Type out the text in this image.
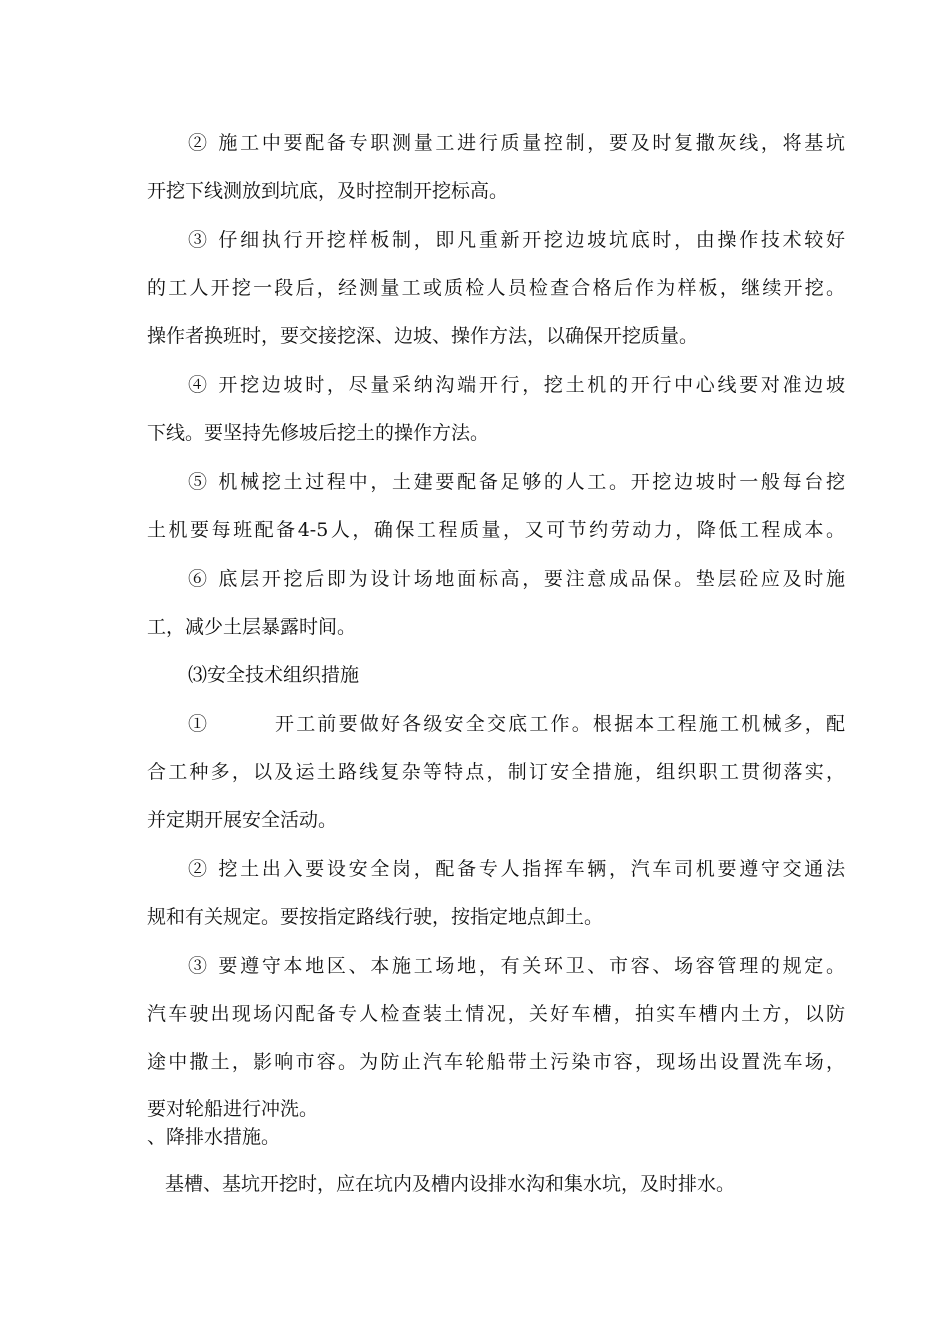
② 施工中要配备专职测量工进行质量控制，要及时复撒灰线，将基坑
开挖下线测放到坑底，及时控制开挖标高。
③ 仔细执行开挖样板制，即凡重新开挖边坡坑底时，由操作技术较好
的工人开挖一段后，经测量工或质检人员检查合格后作为样板，继续开挖。
操作者换班时，要交接挖深、边坡、操作方法，以确保开挖质量。
④ 开挖边坡时，尽量采纳沟端开行，挖土机的开行中心线要对准边坡
下线。要坚持先修坡后挖土的操作方法。
⑤ 机械挖土过程中，土建要配备足够的人工。开挖边坡时一般每台挖
土机要每班配备4-5人，确保工程质量，又可节约劳动力，降低工程成本。
⑥ 底层开挖后即为设计场地面标高，要注意成品保。垫层砼应及时施
工，减少土层暴露时间。
⑶安全技术组织措施
①        开工前要做好各级安全交底工作。根据本工程施工机械多，配
合工种多，以及运土路线复杂等特点，制订安全措施，组织职工贯彻落实，
并定期开展安全活动。
② 挖土出入要设安全岗，配备专人指挥车辆，汽车司机要遵守交通法
规和有关规定。要按指定路线行驶，按指定地点卸土。
③ 要遵守本地区、本施工场地，有关环卫、市容、场容管理的规定。
汽车驶出现场闪配备专人检查装土情况，关好车槽，拍实车槽内土方，以防
途中撒土，影响市容。为防止汽车轮船带土污染市容，现场出设置洗车场，
要对轮船进行冲洗。
、降排水措施。
基槽、基坑开挖时，应在坑内及槽内设排水沟和集水坑，及时排水。
